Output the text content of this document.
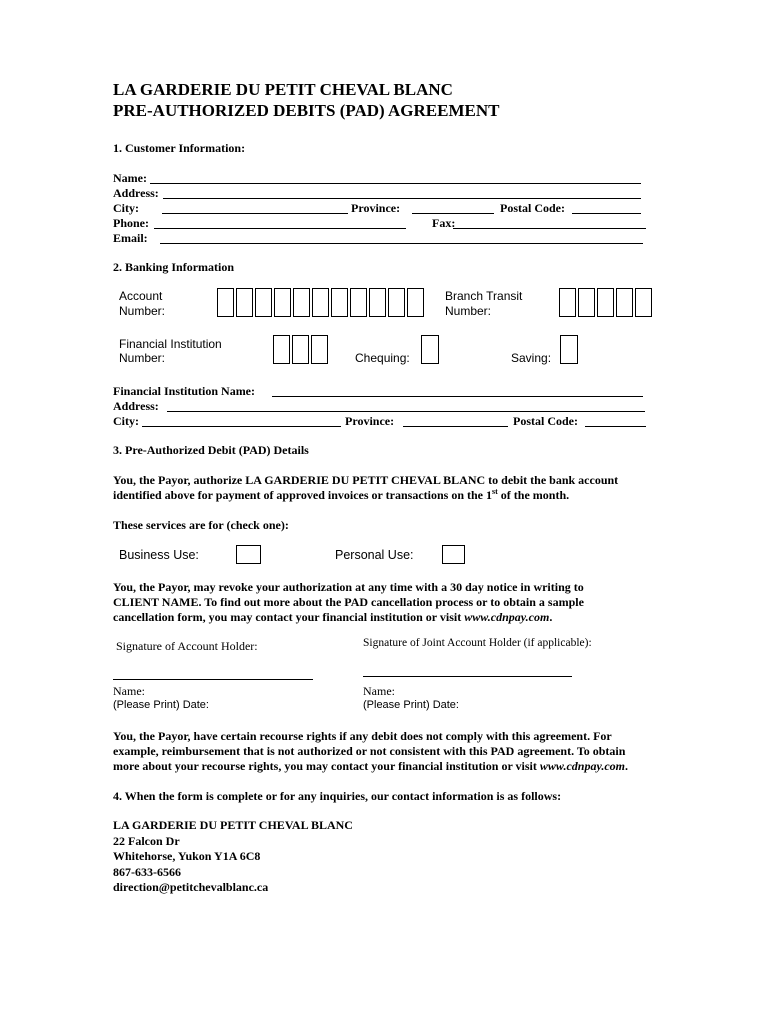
LA GARDERIE DU PETIT CHEVAL BLANC
PRE-AUTHORIZED DEBITS (PAD) AGREEMENT
1. Customer Information:
Name:
Address:
City:	Province:	Postal Code:
Phone:	Fax:
Email:
2. Banking Information
Account
Number:
Branch Transit
Number:
Financial Institution
Number:	Chequing:	Saving:
Financial Institution Name:
Address:
City:	Province:	Postal Code:
3. Pre-Authorized Debit (PAD) Details
You, the Payor, authorize LA GARDERIE DU PETIT CHEVAL BLANC to debit the bank account
identified above for payment of approved invoices or transactions on the 1st of the month.
These services are for (check one):
Business Use:	Personal Use:
You, the Payor, may revoke your authorization at any time with a 30 day notice in writing to
CLIENT NAME. To find out more about the PAD cancellation process or to obtain a sample
cancellation form, you may contact your financial institution or visit www.cdnpay.com.
Signature of Account Holder:	Signature of Joint Account Holder (if applicable):
Name:	Name:
(Please Print) Date:	(Please Print) Date:
You, the Payor, have certain recourse rights if any debit does not comply with this agreement. For
example, reimbursement that is not authorized or not consistent with this PAD agreement. To obtain
more about your recourse rights, you may contact your financial institution or visit www.cdnpay.com.
4. When the form is complete or for any inquiries, our contact information is as follows:
LA GARDERIE DU PETIT CHEVAL BLANC
22 Falcon Dr
Whitehorse, Yukon Y1A 6C8
867-633-6566
direction@petitchevalblanc.ca
